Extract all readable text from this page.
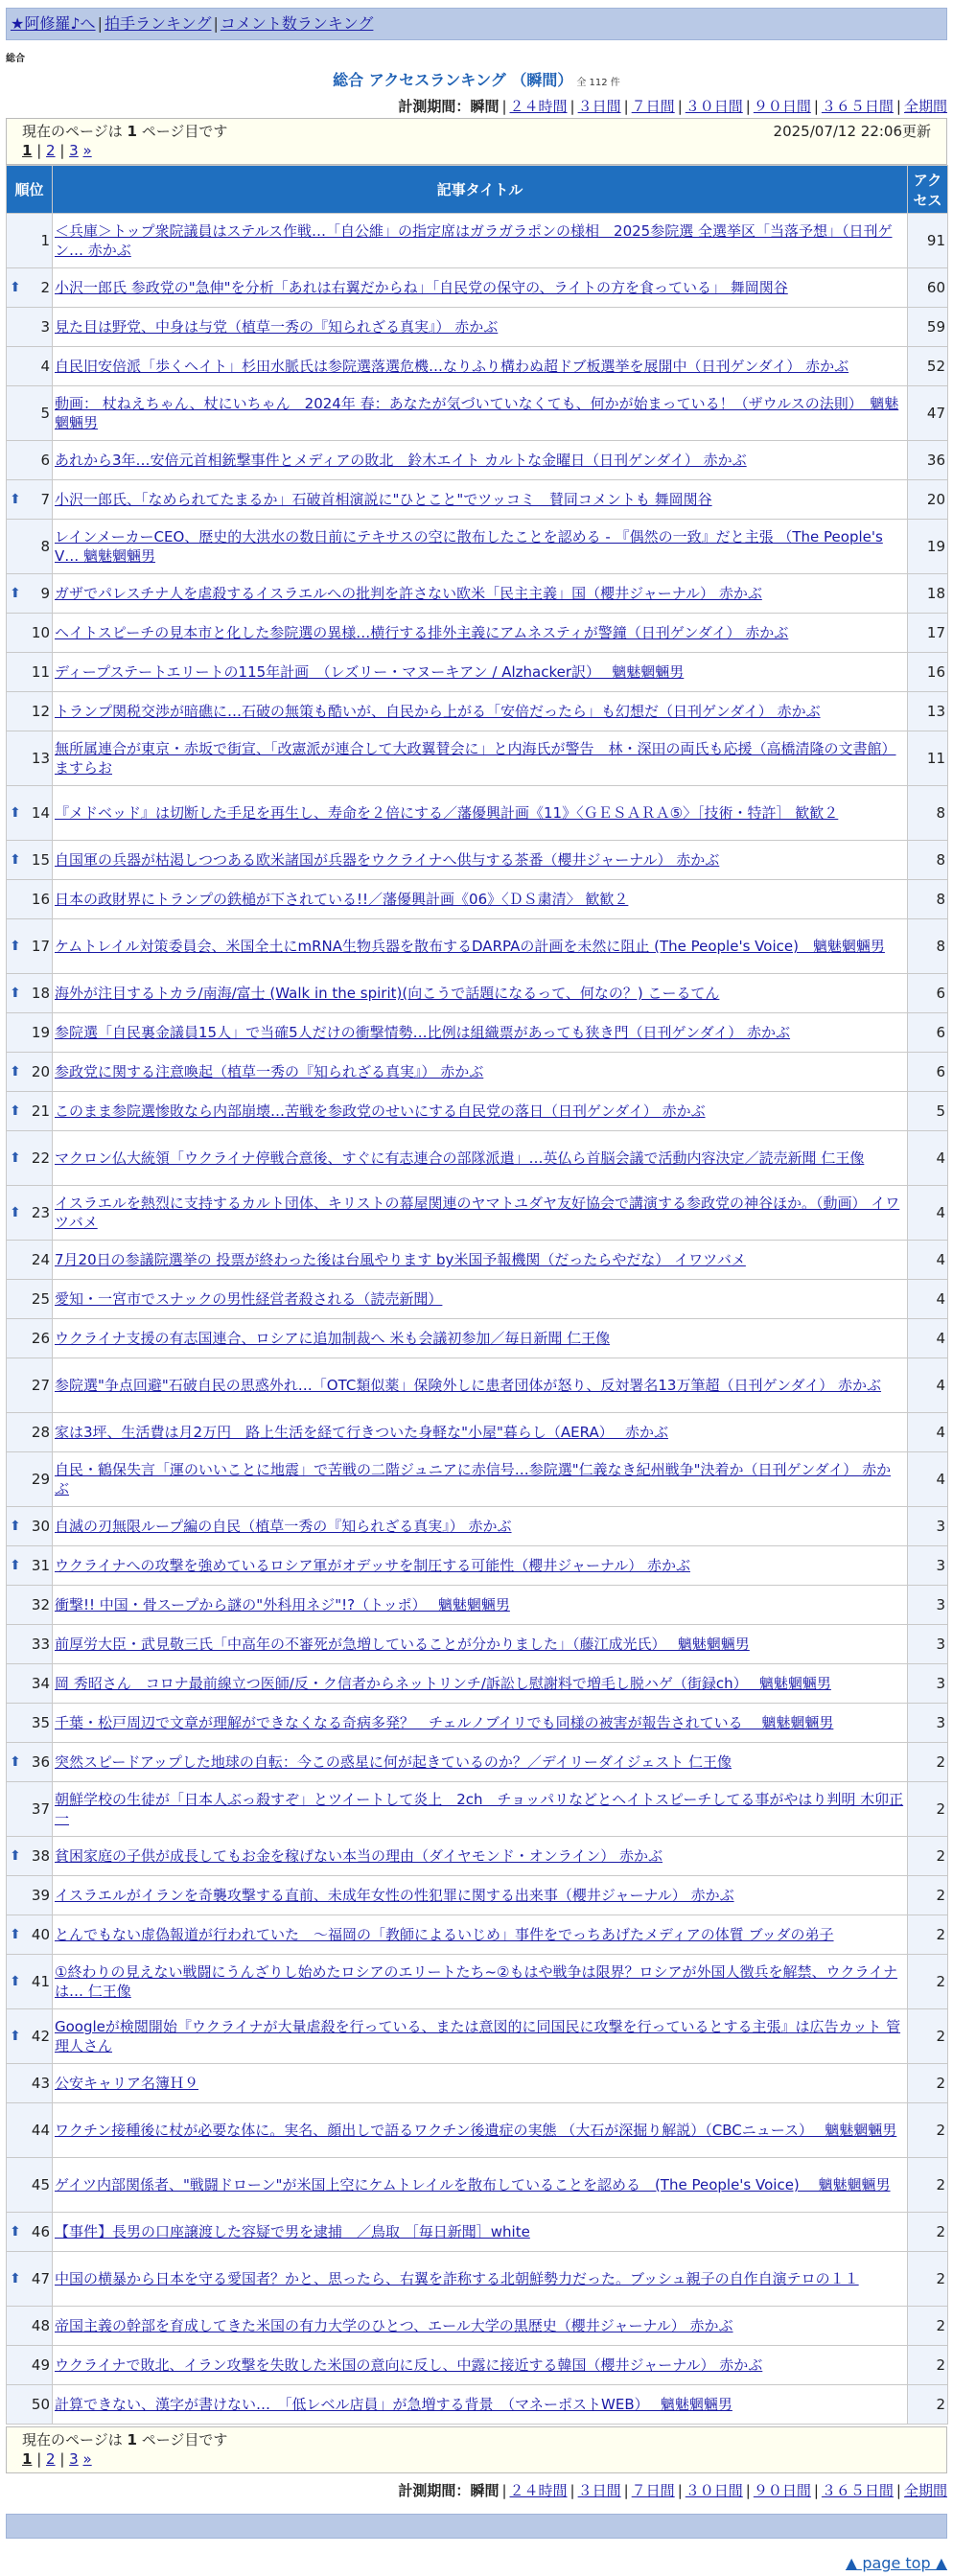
★阿修羅♪へ | 拍手ランキング | コメント数ランキング
総合
総合 アクセスランキング （瞬間） 全 112 件
計測期間：瞬間 | ２４時間 | ３日間 | ７日間 | ３０日間 | ９０日間 | ３６５日間 | 全期間
現在のページは 1 ページ目です	2025/07/12 22:06更新
1 | 2 | 3 »
順位	記事タイトル	アク
セス
1	＜兵庫＞トップ衆院議員はステルス作戦…「自公維」の指定席はガラガラポンの様相　2025参院選 全選挙区「当落予想」（日刊ゲン… 赤かぶ	91

⬆ 2	小沢一郎氏 参政党の"急伸"を分析「あれは右翼だからね」「自民党の保守の、ライトの方を食っている」 舞岡関谷	60
3	見た目は野党、中身は与党（植草一秀の『知られざる真実』） 赤かぶ	59
4	自民旧安倍派「歩くヘイト」杉田水脈氏は参院選落選危機…なりふり構わぬ超ドブ板選挙を展開中（日刊ゲンダイ） 赤かぶ	52
5	動画： 杖ねえちゃん、杖にいちゃん　2024年 春：あなたが気づいていなくても、何かが始まっている！（ザウルスの法則）　魑魅魍魎男	47
6	あれから3年…安倍元首相銃撃事件とメディアの敗北　鈴木エイト カルトな金曜日（日刊ゲンダイ） 赤かぶ	36

⬆ 7	小沢一郎氏、「なめられてたまるか」石破首相演説に"ひとこと"でツッコミ　賛同コメントも 舞岡関谷	20
8	レインメーカーCEO、歴史的大洪水の数日前にテキサスの空に散布したことを認める - 『偶然の一致』だと主張 （The People's V… 魑魅魍魎男	19

⬆ 9	ガザでパレスチナ人を虐殺するイスラエルへの批判を許さない欧米「民主主義」国（櫻井ジャーナル） 赤かぶ	18
10	ヘイトスピーチの見本市と化した参院選の異様…横行する排外主義にアムネスティが警鐘（日刊ゲンダイ） 赤かぶ	17
11	ディープステートエリートの115年計画　（レズリー・マヌーキアン / Alzhacker訳）　 魑魅魍魎男	16
12	トランプ関税交渉が暗礁に…石破の無策も酷いが、自民から上がる「安倍だったら」も幻想だ（日刊ゲンダイ） 赤かぶ	13
13	無所属連合が東京・赤坂で街宣、「改憲派が連合して大政翼賛会に」と内海氏が警告　林・深田の両氏も応援（高橋清隆の文書館） ますらお	11

⬆ 14	『メドベッド』は切断した手足を再生し、寿命を２倍にする／藩優興計画《11》〈ＧＥＳＡＲＡ⑤〉［技術・特許］ 歓歓２	8

⬆ 15	自国軍の兵器が枯渇しつつある欧米諸国が兵器をウクライナへ供与する茶番（櫻井ジャーナル） 赤かぶ	8
16	日本の政財界にトランプの鉄槌が下されている!!／藩優興計画《06》〈ＤＳ粛清〉 歓歓２	8

⬆ 17	ケムトレイル対策委員会、米国全土にmRNA生物兵器を散布するDARPAの計画を未然に阻止 (The People's Voice)　魑魅魍魎男	8

⬆ 18	海外が注目するトカラ/南海/富士 (Walk in the spirit)(向こうで話題になるって、何なの？) こーるてん	6
19	参院選「自民裏金議員15人」で当確5人だけの衝撃情勢…比例は組織票があっても狭き門（日刊ゲンダイ） 赤かぶ	6

⬆ 20	参政党に関する注意喚起（植草一秀の『知られざる真実』） 赤かぶ	6

⬆ 21	このまま参院選惨敗なら内部崩壊…苦戦を参政党のせいにする自民党の落日（日刊ゲンダイ） 赤かぶ	5

⬆ 22	マクロン仏大統領「ウクライナ停戦合意後、すぐに有志連合の部隊派遣」…英仏ら首脳会議で活動内容決定／読売新聞 仁王像	4

⬆ 23	イスラエルを熱烈に支持するカルト団体、キリストの幕屋関連のヤマトユダヤ友好協会で講演する参政党の神谷ほか。（動画） イワツバメ	4
24	7月20日の参議院選挙の 投票が終わった後は台風やります by米国予報機関（だったらやだな） イワツバメ	4
25	愛知・一宮市でスナックの男性経営者殺される（読売新聞）	4
26	ウクライナ支援の有志国連合、ロシアに追加制裁へ 米も会議初参加／毎日新聞 仁王像	4
27	参院選"争点回避"石破自民の思惑外れ…「OTC類似薬」保険外しに患者団体が怒り、反対署名13万筆超（日刊ゲンダイ） 赤かぶ	4
28	家は3坪、生活費は月2万円　路上生活を経て行きついた身軽な"小屋"暮らし（AERA）　 赤かぶ	4
29	自民・鶴保失言「運のいいことに地震」で苦戦の二階ジュニアに赤信号…参院選"仁義なき紀州戦争"決着か（日刊ゲンダイ） 赤かぶ	4

⬆ 30	自滅の刃無限ループ編の自民（植草一秀の『知られざる真実』） 赤かぶ	3

⬆ 31	ウクライナへの攻撃を強めているロシア軍がオデッサを制圧する可能性（櫻井ジャーナル） 赤かぶ	3
32	衝撃!! 中国・骨スープから謎の"外科用ネジ"!?（トッポ）　 魑魅魍魎男	3
33	前厚労大臣・武見敬三氏「中高年の不審死が急増していることが分かりました」（藤江成光氏）　 魑魅魍魎男	3
34	岡 秀昭さん　コロナ最前線立つ医師/反・ク信者からネットリンチ/訴訟し慰謝料で増毛し脱ハゲ（街録ch）　 魑魅魍魎男	3
35	千葉・松戸周辺で文章が理解ができなくなる奇病多発？　チェルノブイリでも同様の被害が報告されている　 魑魅魍魎男	3

⬆ 36	突然スピードアップした地球の自転：今この惑星に何が起きているのか？／デイリーダイジェスト 仁王像	2
37	朝鮮学校の生徒が「日本人ぶっ殺すぞ」とツイートして炎上　2ch　チョッパリなどとヘイトスピーチしてる事がやはり判明 木卯正一	2

⬆ 38	貧困家庭の子供が成長してもお金を稼げない本当の理由（ダイヤモンド・オンライン） 赤かぶ	2
39	イスラエルがイランを奇襲攻撃する直前、未成年女性の性犯罪に関する出来事（櫻井ジャーナル） 赤かぶ	2

⬆ 40	とんでもない虚偽報道が行われていた　～福岡の「教師によるいじめ」事件をでっちあげたメディアの体質 ブッダの弟子	2

⬆ 41	①終わりの見えない戦闘にうんざりし始めたロシアのエリートたち~②もはや戦争は限界？ロシアが外国人徴兵を解禁、ウクライナは… 仁王像	2

⬆ 42	Googleが検閲開始『ウクライナが大量虐殺を行っている、または意図的に同国民に攻撃を行っているとする主張』は広告カット 管理人さん	2
43	公安キャリア名簿Ｈ９	2
44	ワクチン接種後に杖が必要な体に。実名、顔出しで語るワクチン後遺症の実態 （大石が深掘り解説）（CBCニュース）　 魑魅魍魎男	2
45	ゲイツ内部関係者、"戦闘ドローン"が米国上空にケムトレイルを散布していることを認める　(The People's Voice)　 魑魅魍魎男	2

⬆ 46	【事件】長男の口座譲渡した容疑で男を逮捕　／鳥取 ［毎日新聞］white	2

⬆ 47	中国の横暴から日本を守る愛国者？かと、思ったら、右翼を詐称する北朝鮮勢力だった。ブッシュ親子の自作自演テロの１１	2
48	帝国主義の幹部を育成してきた米国の有力大学のひとつ、エール大学の黒歴史（櫻井ジャーナル） 赤かぶ	2
49	ウクライナで敗北、イラン攻撃を失敗した米国の意向に反し、中露に接近する韓国（櫻井ジャーナル） 赤かぶ	2
50	計算できない、漢字が書けない…　「低レベル店員」が急増する背景　（マネーポストWEB）　 魑魅魍魎男	2
現在のページは 1 ページ目です
1 | 2 | 3 »
計測期間：瞬間 | ２４時間 | ３日間 | ７日間 | ３０日間 | ９０日間 | ３６５日間 | 全期間
▲ page top ▲
